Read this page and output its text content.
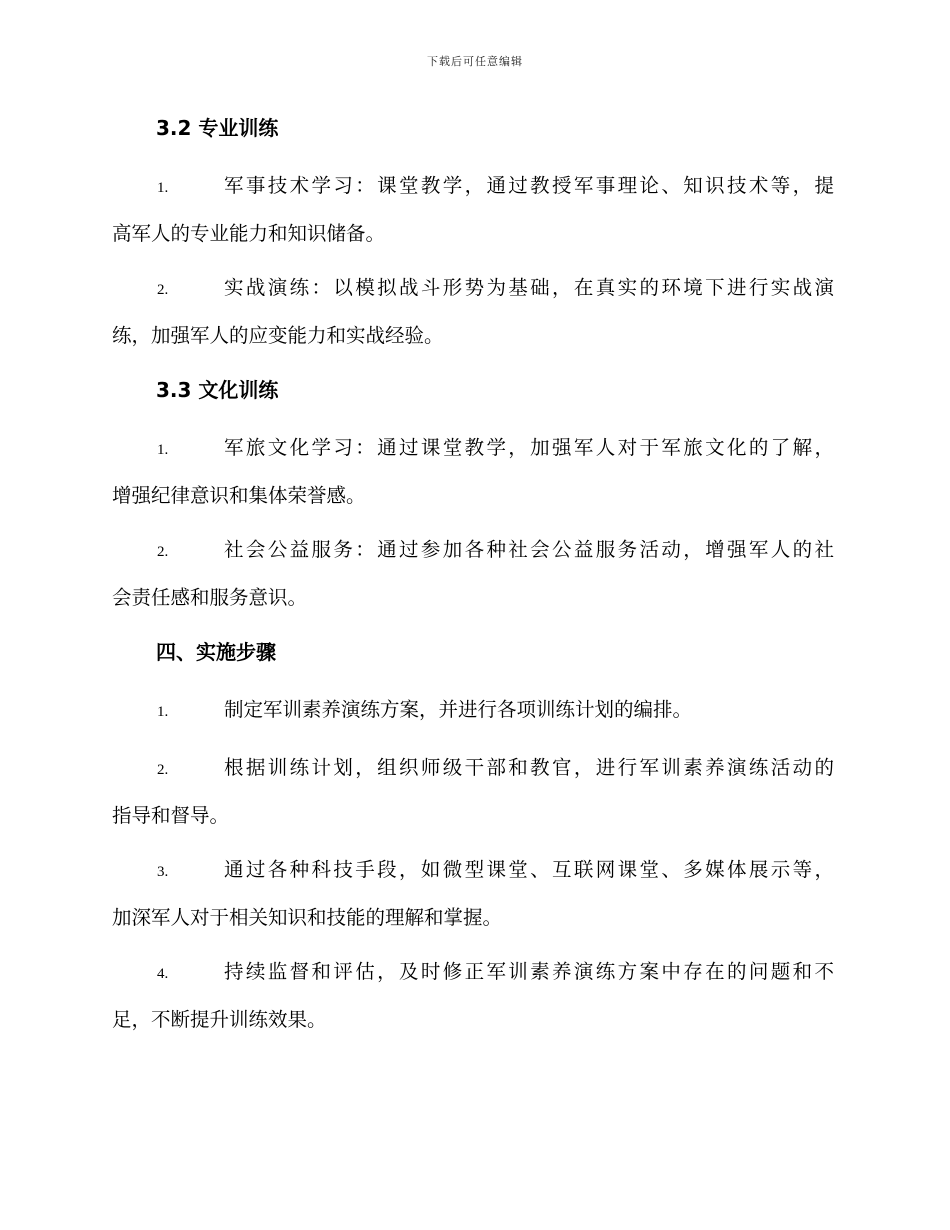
下载后可任意编辑
3.2 专业训练
1.	军事技术学习：课堂教学，通过教授军事理论、知识技术等，提
高军人的专业能力和知识储备。
2.	实战演练：以模拟战斗形势为基础，在真实的环境下进行实战演
练，加强军人的应变能力和实战经验。
3.3 文化训练
1.	军旅文化学习：通过课堂教学，加强军人对于军旅文化的了解，
增强纪律意识和集体荣誉感。
2.	社会公益服务：通过参加各种社会公益服务活动，增强军人的社
会责任感和服务意识。
四、实施步骤
1.	制定军训素养演练方案，并进行各项训练计划的编排。
2.	根据训练计划，组织师级干部和教官，进行军训素养演练活动的
指导和督导。
3.	通过各种科技手段，如微型课堂、互联网课堂、多媒体展示等，
加深军人对于相关知识和技能的理解和掌握。
4.	持续监督和评估，及时修正军训素养演练方案中存在的问题和不
足，不断提升训练效果。
